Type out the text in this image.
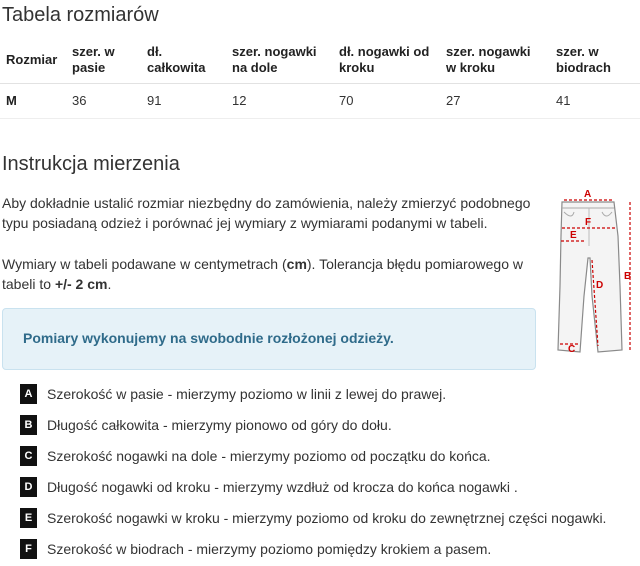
Tabela rozmiarów
Rozmiar	szer. w pasie	dł. całkowita	szer. nogawki na dole	dł. nogawki od kroku	szer. nogawki w kroku	szer. w biodrach
M	36	91	12	70	27	41
Instrukcja mierzenia

Aby dokładnie ustalić rozmiar niezbędny do zamówienia, należy zmierzyć podobnego typu posiadaną odzież i porównać jej wymiary z wymiarami podanymi w tabeli.

Wymiary w tabeli podawane w centymetrach (cm). Tolerancja błędu pomiarowego w tabeli to +/- 2 cm.

Pomiary wykonujemy na swobodnie rozłożonej odzieży.
A
F
E
D
C
B
A	Szerokość w pasie - mierzymy poziomo w linii z lewej do prawej.
B	Długość całkowita - mierzymy pionowo od góry do dołu.
C	Szerokość nogawki na dole - mierzymy poziomo od początku do końca.
D	Długość nogawki od kroku - mierzymy wzdłuż od krocza do końca nogawki .
E	Szerokość nogawki w kroku - mierzymy poziomo od kroku do zewnętrznej części nogawki.
F	Szerokość w biodrach - mierzymy poziomo pomiędzy krokiem a pasem.
